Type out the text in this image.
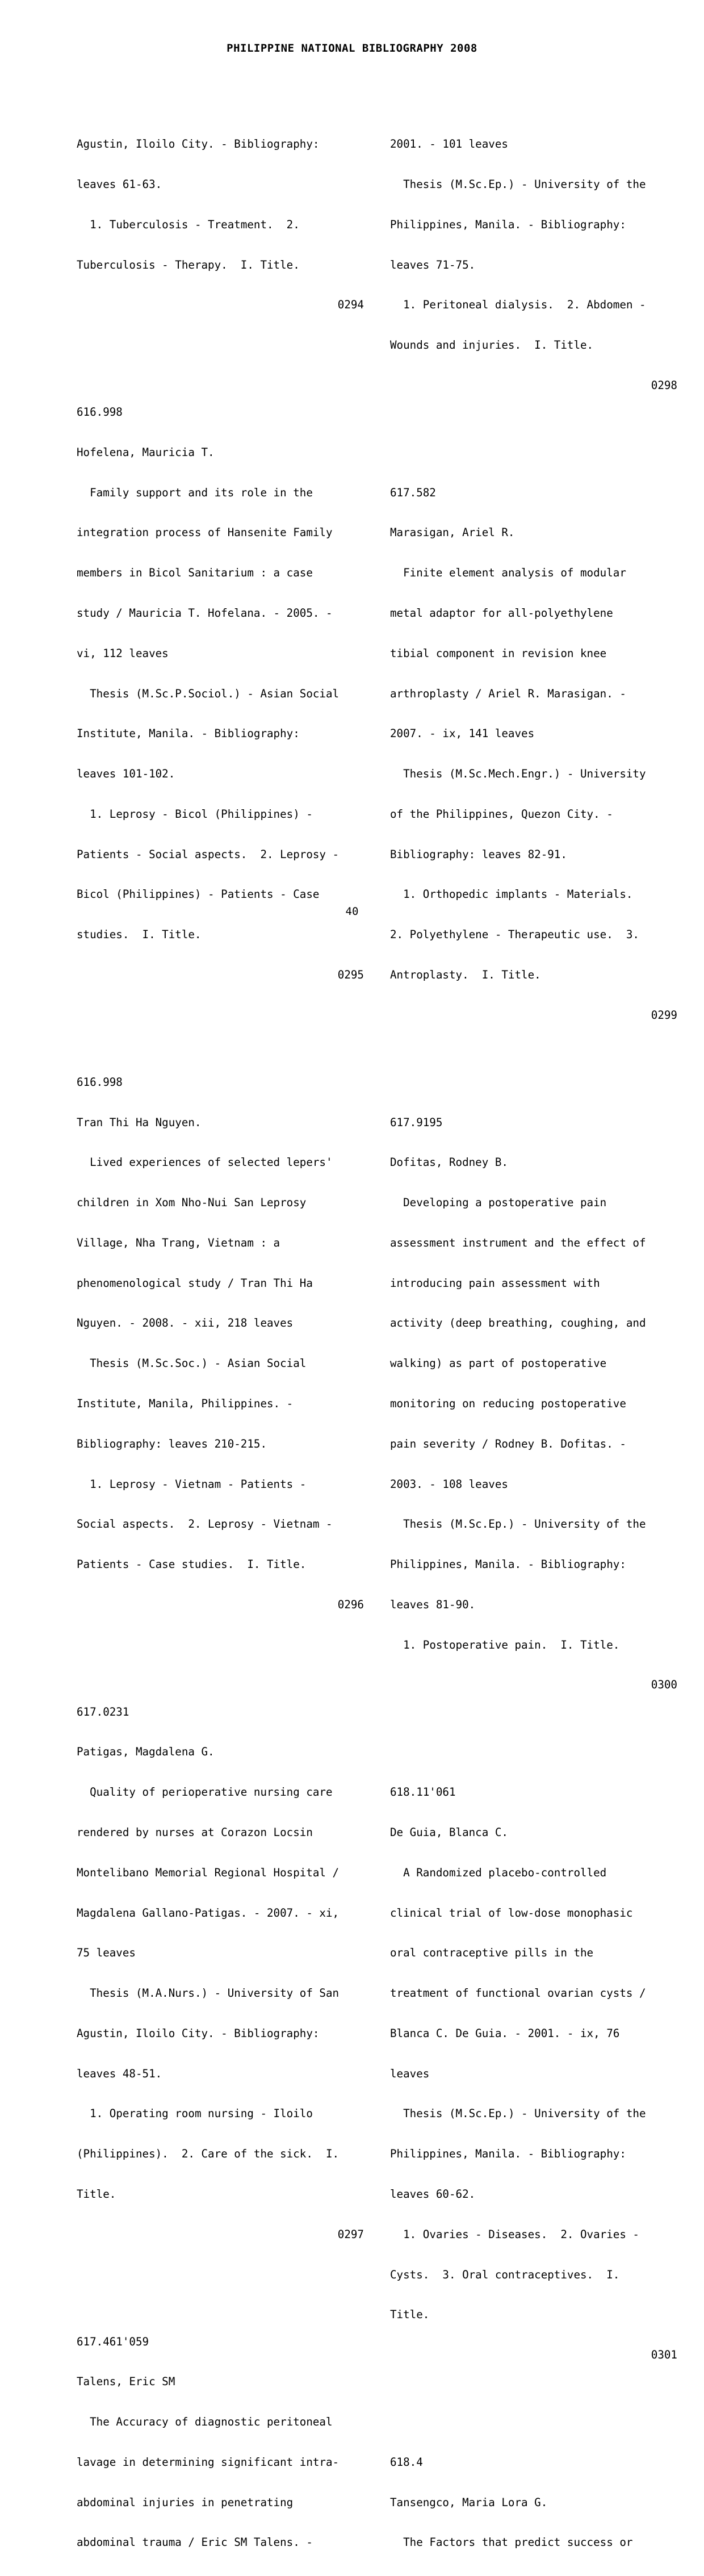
PHILIPPINE NATIONAL BIBLIOGRAPHY 2008

Agustin, Iloilo City. - Bibliography:

leaves 61-63.

1. Tuberculosis - Treatment.  2.

Tuberculosis - Therapy.  I. Title.

0294

616.998

Hofelena, Mauricia T.

Family support and its role in the

integration process of Hansenite Family

members in Bicol Sanitarium : a case

study / Mauricia T. Hofelana. - 2005. -

vi, 112 leaves

Thesis (M.Sc.P.Sociol.) - Asian Social

Institute, Manila. - Bibliography:

leaves 101-102.

1. Leprosy - Bicol (Philippines) -

Patients - Social aspects.  2. Leprosy -

Bicol (Philippines) - Patients - Case

studies.  I. Title.

0295

616.998

Tran Thi Ha Nguyen.

Lived experiences of selected lepers'

children in Xom Nho-Nui San Leprosy

Village, Nha Trang, Vietnam : a

phenomenological study / Tran Thi Ha

Nguyen. - 2008. - xii, 218 leaves

Thesis (M.Sc.Soc.) - Asian Social

Institute, Manila, Philippines. -

Bibliography: leaves 210-215.

1. Leprosy - Vietnam - Patients -

Social aspects.  2. Leprosy - Vietnam -

Patients - Case studies.  I. Title.

0296

617.0231

Patigas, Magdalena G.

Quality of perioperative nursing care

rendered by nurses at Corazon Locsin

Montelibano Memorial Regional Hospital /

Magdalena Gallano-Patigas. - 2007. - xi,

75 leaves

Thesis (M.A.Nurs.) - University of San

Agustin, Iloilo City. - Bibliography:

leaves 48-51.

1. Operating room nursing - Iloilo

(Philippines).  2. Care of the sick.  I.

Title.

0297

617.461'059

Talens, Eric SM

The Accuracy of diagnostic peritoneal

lavage in determining significant intra-

abdominal injuries in penetrating

abdominal trauma / Eric SM Talens. -

2001. - 101 leaves

Thesis (M.Sc.Ep.) - University of the

Philippines, Manila. - Bibliography:

leaves 71-75.

1. Peritoneal dialysis.  2. Abdomen -

Wounds and injuries.  I. Title.

0298

617.582

Marasigan, Ariel R.

Finite element analysis of modular

metal adaptor for all-polyethylene

tibial component in revision knee

arthroplasty / Ariel R. Marasigan. -

2007. - ix, 141 leaves

Thesis (M.Sc.Mech.Engr.) - University

of the Philippines, Quezon City. -

Bibliography: leaves 82-91.

1. Orthopedic implants - Materials.

2. Polyethylene - Therapeutic use.  3.

Antroplasty.  I. Title.

0299

617.9195

Dofitas, Rodney B.

Developing a postoperative pain

assessment instrument and the effect of

introducing pain assessment with

activity (deep breathing, coughing, and

walking) as part of postoperative

monitoring on reducing postoperative

pain severity / Rodney B. Dofitas. -

2003. - 108 leaves

Thesis (M.Sc.Ep.) - University of the

Philippines, Manila. - Bibliography:

leaves 81-90.

1. Postoperative pain.  I. Title.

0300

618.11'061

De Guia, Blanca C.

A Randomized placebo-controlled

clinical trial of low-dose monophasic

oral contraceptive pills in the

treatment of functional ovarian cysts /

Blanca C. De Guia. - 2001. - ix, 76

leaves

Thesis (M.Sc.Ep.) - University of the

Philippines, Manila. - Bibliography:

leaves 60-62.

1. Ovaries - Diseases.  2. Ovaries -

Cysts.  3. Oral contraceptives.  I.

Title.

0301

618.4

Tansengco, Maria Lora G.

The Factors that predict success or

40
